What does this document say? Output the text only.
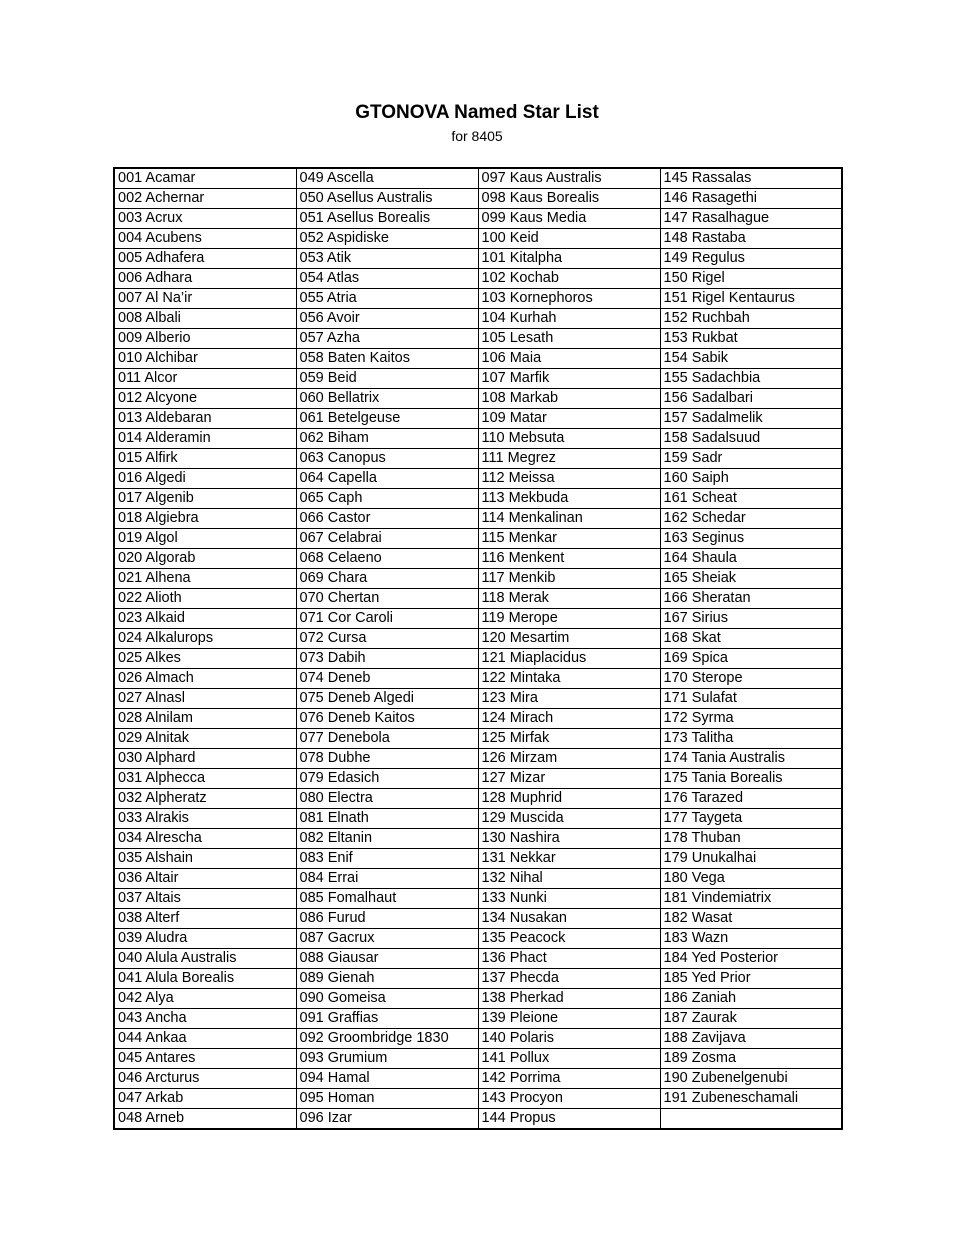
GTONOVA Named Star List
for 8405
001 Acamar	049 Ascella	097 Kaus Australis	145 Rassalas
002 Achernar	050 Asellus Australis	098 Kaus Borealis	146 Rasagethi
003 Acrux	051 Asellus Borealis	099 Kaus Media	147 Rasalhague
004 Acubens	052 Aspidiske	100 Keid	148 Rastaba
005 Adhafera	053 Atik	101 Kitalpha	149 Regulus
006 Adhara	054 Atlas	102 Kochab	150 Rigel
007 Al Na’ir	055 Atria	103 Kornephoros	151 Rigel Kentaurus
008 Albali	056 Avoir	104 Kurhah	152 Ruchbah
009 Alberio	057 Azha	105 Lesath	153 Rukbat
010 Alchibar	058 Baten Kaitos	106 Maia	154 Sabik
011 Alcor	059 Beid	107 Marfik	155 Sadachbia
012 Alcyone	060 Bellatrix	108 Markab	156 Sadalbari
013 Aldebaran	061 Betelgeuse	109 Matar	157 Sadalmelik
014 Alderamin	062 Biham	110 Mebsuta	158 Sadalsuud
015 Alfirk	063 Canopus	111 Megrez	159 Sadr
016 Algedi	064 Capella	112 Meissa	160 Saiph
017 Algenib	065 Caph	113 Mekbuda	161 Scheat
018 Algiebra	066 Castor	114 Menkalinan	162 Schedar
019 Algol	067 Celabrai	115 Menkar	163 Seginus
020 Algorab	068 Celaeno	116 Menkent	164 Shaula
021 Alhena	069 Chara	117 Menkib	165 Sheiak
022 Alioth	070 Chertan	118 Merak	166 Sheratan
023 Alkaid	071 Cor Caroli	119 Merope	167 Sirius
024 Alkalurops	072 Cursa	120 Mesartim	168 Skat
025 Alkes	073 Dabih	121 Miaplacidus	169 Spica
026 Almach	074 Deneb	122 Mintaka	170 Sterope
027 Alnasl	075 Deneb Algedi	123 Mira	171 Sulafat
028 Alnilam	076 Deneb Kaitos	124 Mirach	172 Syrma
029 Alnitak	077 Denebola	125 Mirfak	173 Talitha
030 Alphard	078 Dubhe	126 Mirzam	174 Tania Australis
031 Alphecca	079 Edasich	127 Mizar	175 Tania Borealis
032 Alpheratz	080 Electra	128 Muphrid	176 Tarazed
033 Alrakis	081 Elnath	129 Muscida	177 Taygeta
034 Alrescha	082 Eltanin	130 Nashira	178 Thuban
035 Alshain	083 Enif	131 Nekkar	179 Unukalhai
036 Altair	084 Errai	132 Nihal	180 Vega
037 Altais	085 Fomalhaut	133 Nunki	181 Vindemiatrix
038 Alterf	086 Furud	134 Nusakan	182 Wasat
039 Aludra	087 Gacrux	135 Peacock	183 Wazn
040 Alula Australis	088 Giausar	136 Phact	184 Yed Posterior
041 Alula Borealis	089 Gienah	137 Phecda	185 Yed Prior
042 Alya	090 Gomeisa	138 Pherkad	186 Zaniah
043 Ancha	091 Graffias	139 Pleione	187 Zaurak
044 Ankaa	092 Groombridge 1830	140 Polaris	188 Zavijava
045 Antares	093 Grumium	141 Pollux	189 Zosma
046 Arcturus	094 Hamal	142 Porrima	190 Zubenelgenubi
047 Arkab	095 Homan	143 Procyon	191 Zubeneschamali
048 Arneb	096 Izar	144 Propus	
